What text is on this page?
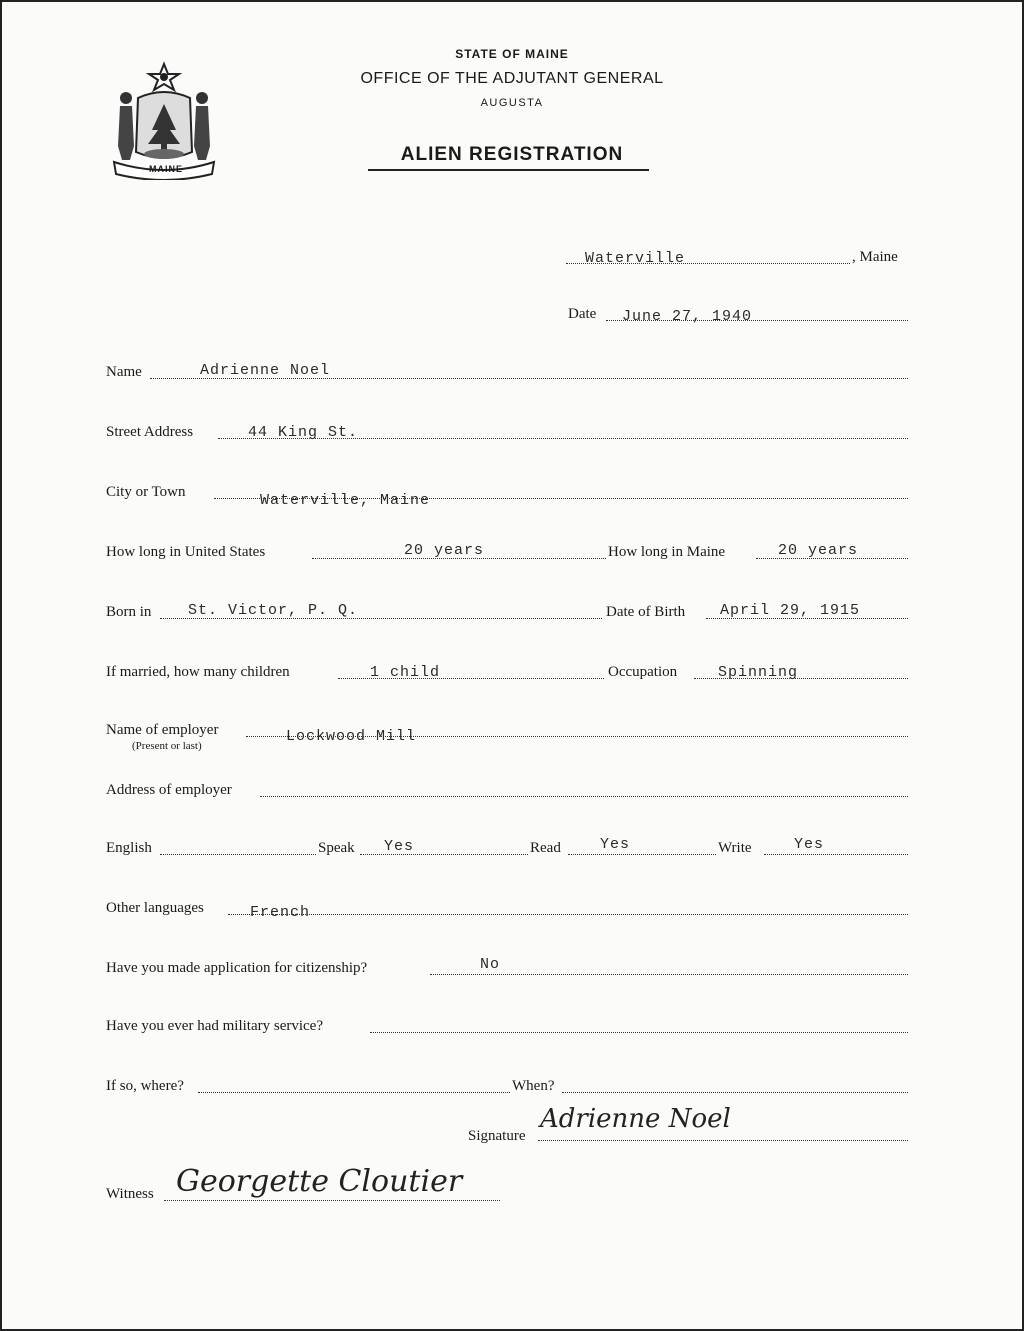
MAINE
STATE OF MAINE
OFFICE OF THE ADJUTANT GENERAL
AUGUSTA
ALIEN REGISTRATION
Waterville	, Maine
Date June 27, 1940
Name	Adrienne Noel
Street Address	44 King St.
City or Town	Waterville, Maine
How long in United States	20 years	How long in Maine	20 years
Born in St. Victor, P. Q.	Date of Birth April 29, 1915
If married, how many children	1 child	Occupation	Spinning
Name of employer
(Present or last)
Lockwood Mill
Address of employer
English	Speak Yes	Read	Yes	Write	Yes
Other languages	French
Have you made application for citizenship?	No
Have you ever had military service?
If so, where?	When?
Signature
Adrienne Noel
Witness Georgette Cloutier
